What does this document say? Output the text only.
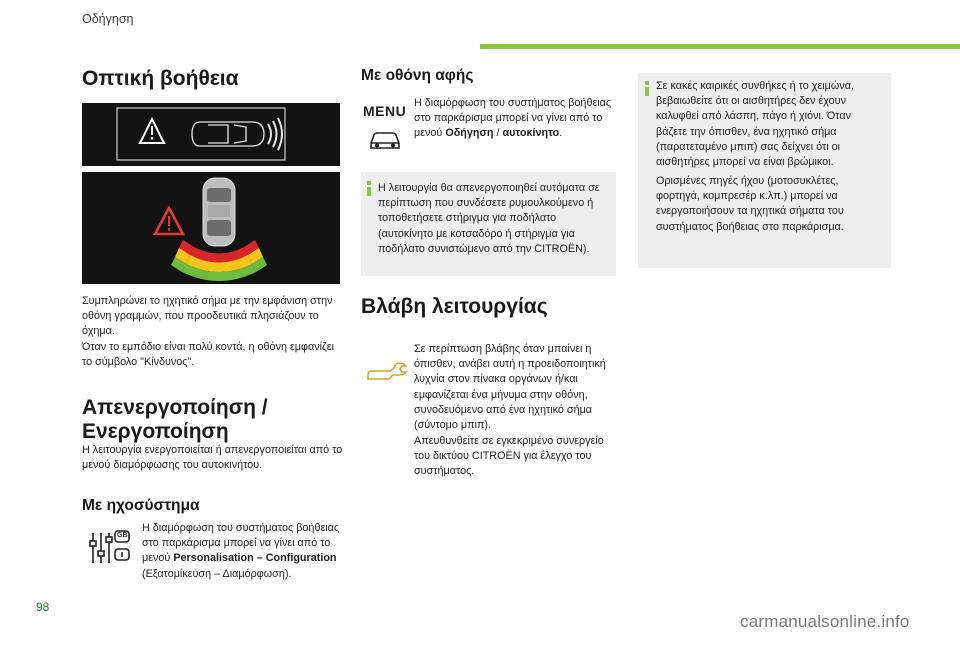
Οδήγηση
Οπτική βοήθεια

Συμπληρώνει το ηχητικό σήμα με την εμφάνιση στην οθόνη γραμμών, που προοδευτικά πλησιάζουν το όχημα.

Όταν το εμπόδιο είναι πολύ κοντά, η οθόνη εμφανίζει το σύμβολο "Κίνδυνος".

Απενεργοποίηση /
Ενεργοποίηση

Η λειτουργία ενεργοποιείται ή απενεργοποιείται από το μενού διαμόρφωσης του αυτοκινήτου.

Με ηχοσύστημα
GB

Η διαμόρφωση του συστήματος βοήθειας στο παρκάρισμα μπορεί να γίνει από το μενού Personalisation – Configuration (Εξατομίκευση – Διαμόρφωση).

Με οθόνη αφής
MENU Η διαμόρφωση του συστήματος βοήθειας στο παρκάρισμα μπορεί να γίνει από το μενού Οδήγηση / αυτοκίνητο.

Η λειτουργία θα απενεργοποιηθεί αυτόματα σε περίπτωση που συνδέσετε ρυμουλκούμενο ή τοποθετήσετε στήριγμα για ποδήλατο (αυτοκίνητο με κοτσαδόρο ή στήριγμα για ποδήλατο συνιστώμενο από την CITROËN).

Βλάβη λειτουργίας

Σε περίπτωση βλάβης όταν μπαίνει η όπισθεν, ανάβει αυτή η προειδοποιητική λυχνία στον πίνακα οργάνων ή/και εμφανίζεται ένα μήνυμα στην οθόνη, συνοδευόμενο από ένα ηχητικό σήμα (σύντομο μπιπ).

Απευθυνθείτε σε εγκεκριμένο συνεργείο του δικτύου CITROËN για έλεγχο του συστήματος.

Σε κακές καιρικές συνθήκες ή το χειμώνα, βεβαιωθείτε ότι οι αισθητήρες δεν έχουν καλυφθεί από λάσπη, πάγο ή χιόνι. Όταν βάζετε την όπισθεν, ένα ηχητικό σήμα (παρατεταμένο μπιπ) σας δείχνει ότι οι αισθητήρες μπορεί να είναι βρώμικοι.

Ορισμένες πηγές ήχου (μοτοσυκλέτες, φορτηγά, κομπρεσέρ κ.λπ.) μπορεί να ενεργοποιήσουν τα ηχητικά σήματα του συστήματος βοήθειας στο παρκάρισμα.

98
carmanualsonline.info
